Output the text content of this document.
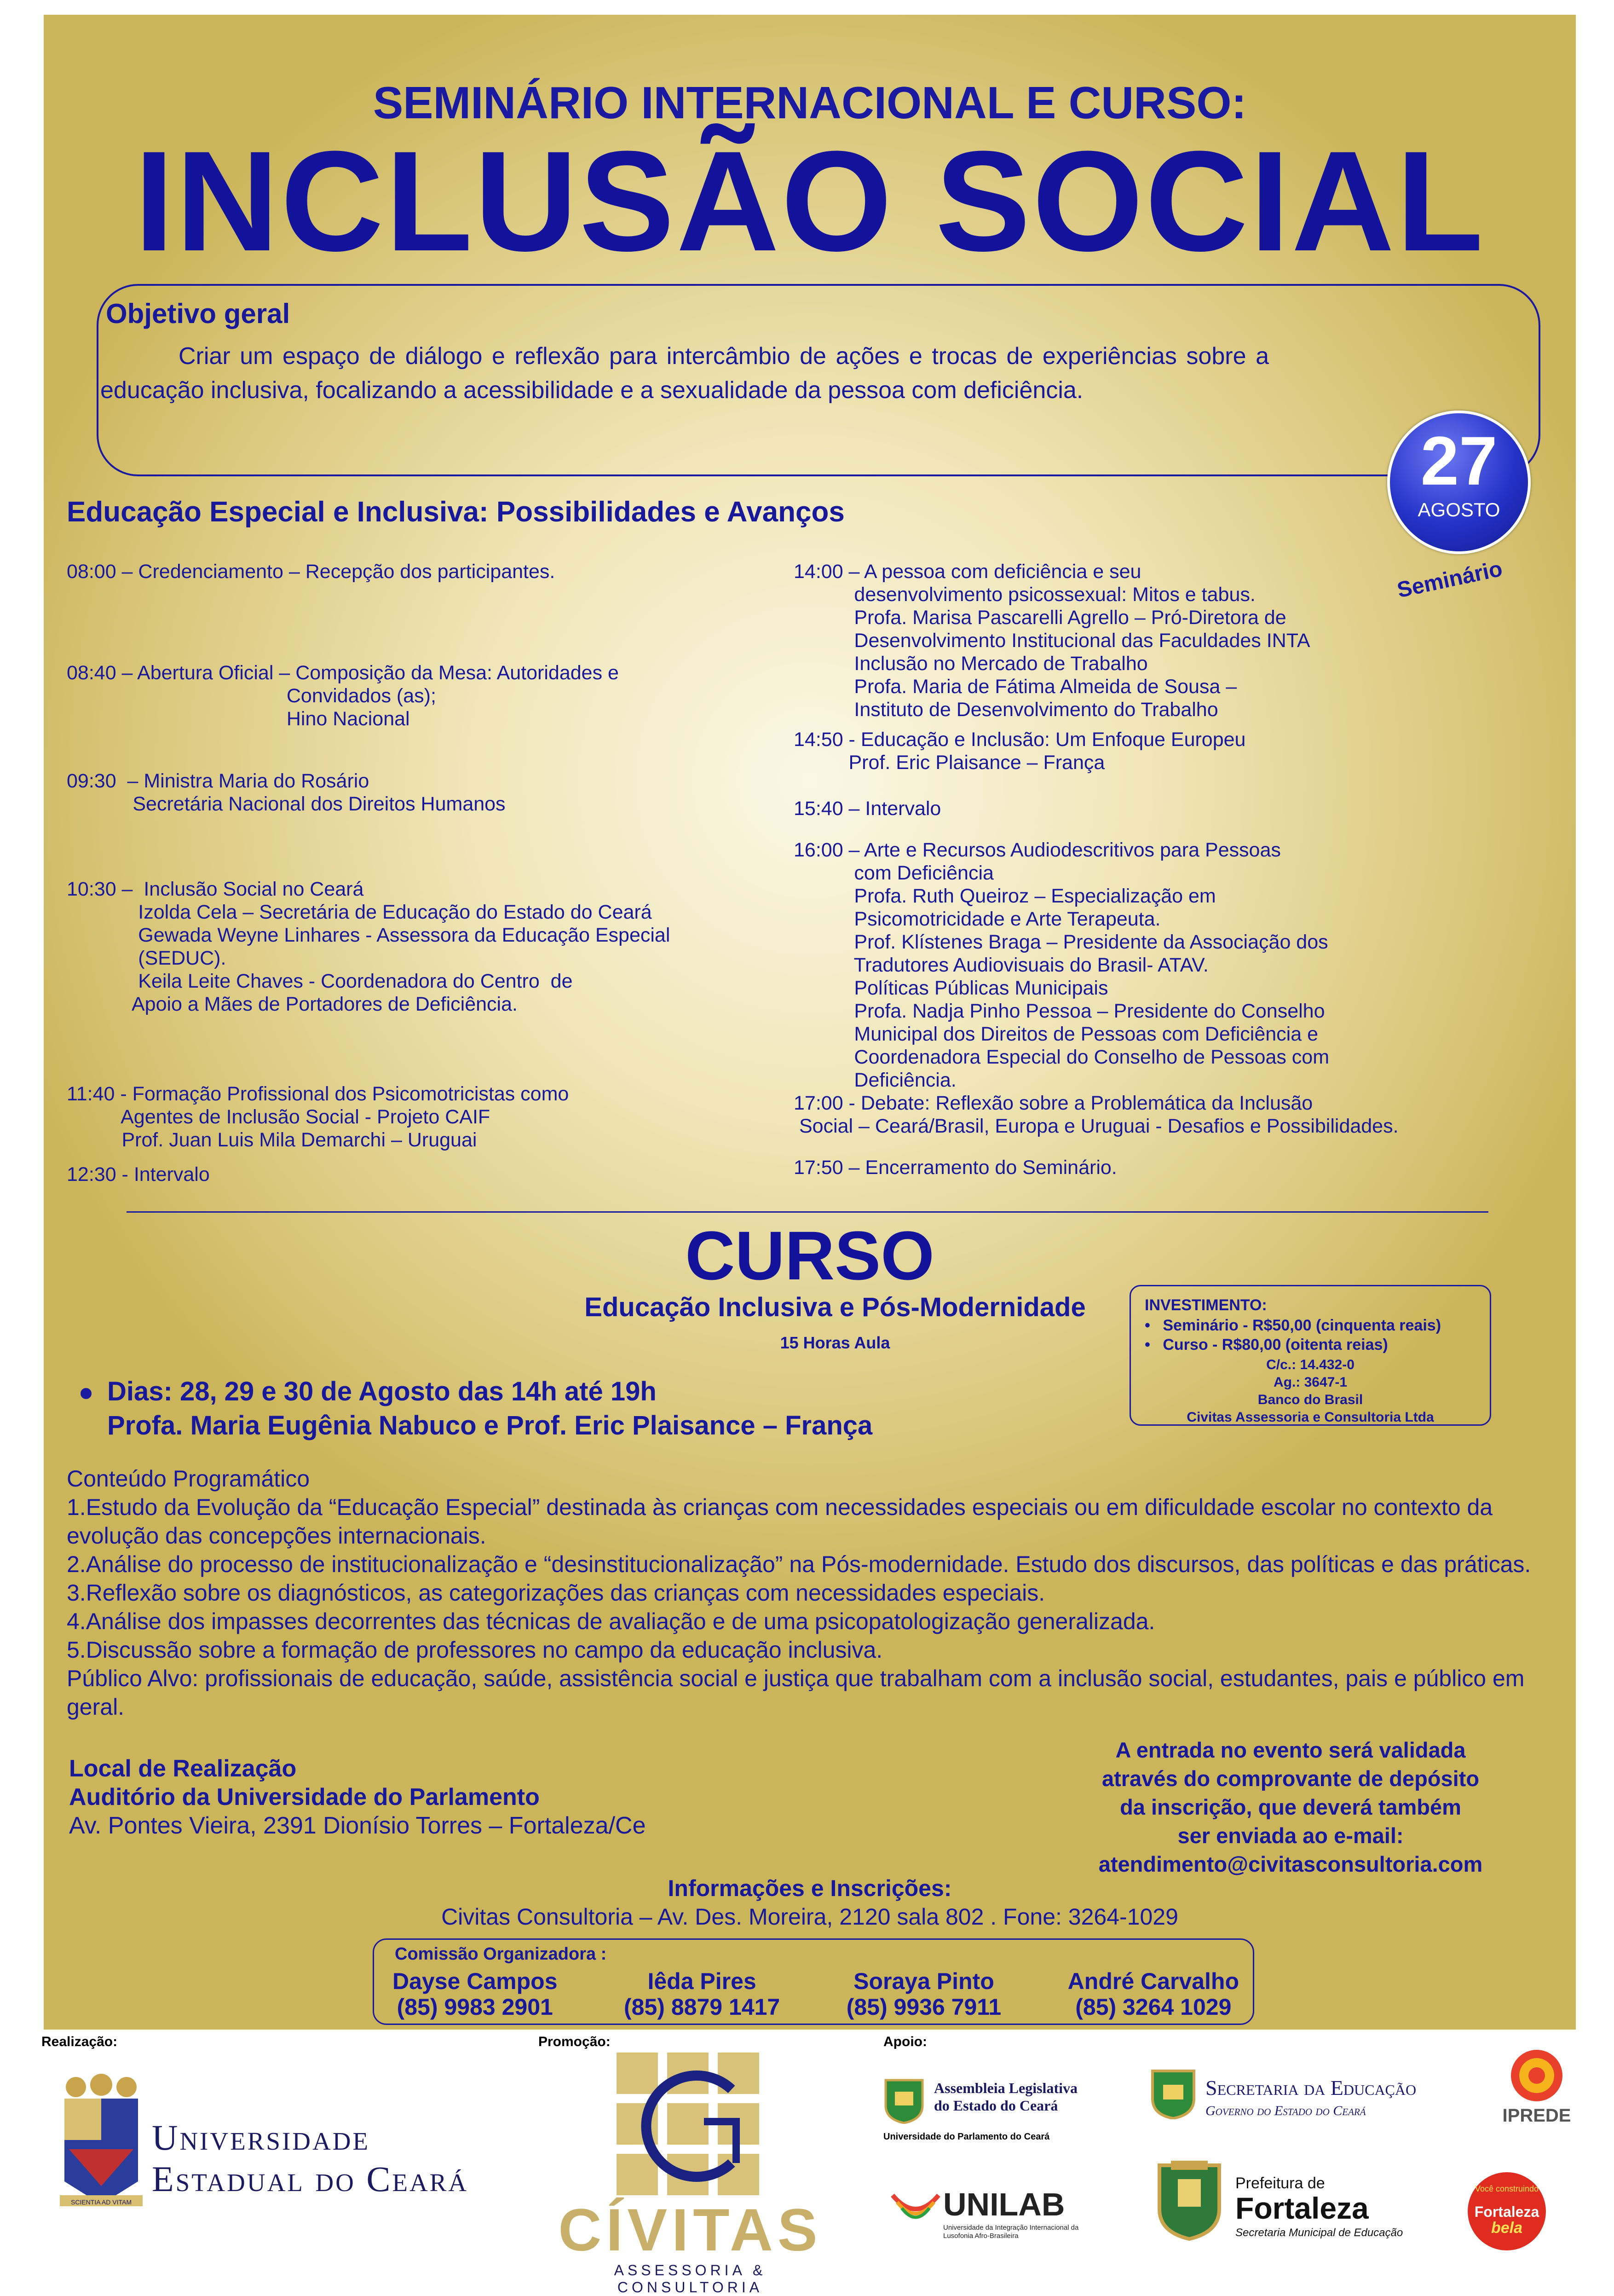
SEMINÁRIO INTERNACIONAL E CURSO:
INCLUSÃO SOCIAL
Objetivo geral
Criar um espaço de diálogo e reflexão para intercâmbio de ações e trocas de experiências sobre a educação inclusiva, focalizando a acessibilidade e a sexualidade da pessoa com deficiência.
27
AGOSTO
Seminário
Educação Especial e Inclusiva: Possibilidades e Avanços
08:00 – Credenciamento – Recepção dos participantes.
08:40 – Abertura Oficial – Composição da Mesa: Autoridades e
Convidados (as);
Hino Nacional
09:30  – Ministra Maria do Rosário
Secretária Nacional dos Direitos Humanos
10:30 –  Inclusão Social no Ceará
Izolda Cela – Secretária de Educação do Estado do Ceará
Gewada Weyne Linhares - Assessora da Educação Especial
(SEDUC).
Keila Leite Chaves - Coordenadora do Centro  de
Apoio a Mães de Portadores de Deficiência.
11:40 - Formação Profissional dos Psicomotricistas como
Agentes de Inclusão Social - Projeto CAIF
Prof. Juan Luis Mila Demarchi – Uruguai
12:30 - Intervalo
14:00 – A pessoa com deficiência e seu
desenvolvimento psicossexual: Mitos e tabus.
Profa. Marisa Pascarelli Agrello – Pró-Diretora de
Desenvolvimento Institucional das Faculdades INTA
Inclusão no Mercado de Trabalho
Profa. Maria de Fátima Almeida de Sousa –
Instituto de Desenvolvimento do Trabalho
14:50 - Educação e Inclusão: Um Enfoque Europeu
Prof. Eric Plaisance – França
15:40 – Intervalo
16:00 – Arte e Recursos Audiodescritivos para Pessoas
com Deficiência
Profa. Ruth Queiroz – Especialização em
Psicomotricidade e Arte Terapeuta.
Prof. Klístenes Braga – Presidente da Associação dos
Tradutores Audiovisuais do Brasil- ATAV.
Políticas Públicas Municipais
Profa. Nadja Pinho Pessoa – Presidente do Conselho
Municipal dos Direitos de Pessoas com Deficiência e
Coordenadora Especial do Conselho de Pessoas com
Deficiência.
17:00 - Debate: Reflexão sobre a Problemática da Inclusão
Social – Ceará/Brasil, Europa e Uruguai - Desafios e Possibilidades.
17:50 – Encerramento do Seminário.
CURSO
Educação Inclusiva e Pós-Modernidade
15 Horas Aula
INVESTIMENTO:
• Seminário - R$50,00 (cinquenta reais)
• Curso - R$80,00 (oitenta reias)
C/c.: 14.432-0
Ag.: 3647-1
Banco do Brasil
Civitas Assessoria e Consultoria Ltda
Dias: 28, 29 e 30 de Agosto das 14h até 19h
Profa. Maria Eugênia Nabuco e Prof. Eric Plaisance – França
Conteúdo Programático
1.Estudo da Evolução da “Educação Especial” destinada às crianças com necessidades especiais ou em dificuldade escolar no contexto da evolução das concepções internacionais.
2.Análise do processo de institucionalização e “desinstitucionalização” na Pós-modernidade. Estudo dos discursos, das políticas e das práticas.
3.Reflexão sobre os diagnósticos, as categorizações das crianças com necessidades especiais.
4.Análise dos impasses decorrentes das técnicas de avaliação e de uma psicopatologização generalizada.
5.Discussão sobre a formação de professores no campo da educação inclusiva.
Público Alvo: profissionais de educação, saúde, assistência social e justiça que trabalham com a inclusão social, estudantes, pais e público em geral.
Local de Realização
Auditório da Universidade do Parlamento
Av. Pontes Vieira, 2391 Dionísio Torres – Fortaleza/Ce
A entrada no evento será validada
através do comprovante de depósito
da inscrição, que deverá também
ser enviada ao e-mail:
atendimento@civitasconsultoria.com
Informações e Inscrições:
Civitas Consultoria – Av. Des. Moreira, 2120 sala 802 . Fone: 3264-1029
Comissão Organizadora :
Dayse Campos
(85) 9983 2901
Iêda Pires
(85) 8879 1417
Soraya Pinto
(85) 9936 7911
André Carvalho
(85) 3264 1029
Realização:	Promoção:	Apoio:
SCIENTIA AD VITAM
Universidade
Estadual do Ceará
CÍVITAS
ASSESSORIA & CONSULTORIA
Assembleia Legislativa
do Estado do Ceará
Universidade do Parlamento do Ceará
Secretaria da Educação
Governo do Estado do Ceará	IPREDE
UNILAB
Universidade da Integração Internacional da Lusofonia Afro-Brasileira
Prefeitura de
Fortaleza
Secretaria Municipal de Educação
Você construindo
Fortaleza
bela
